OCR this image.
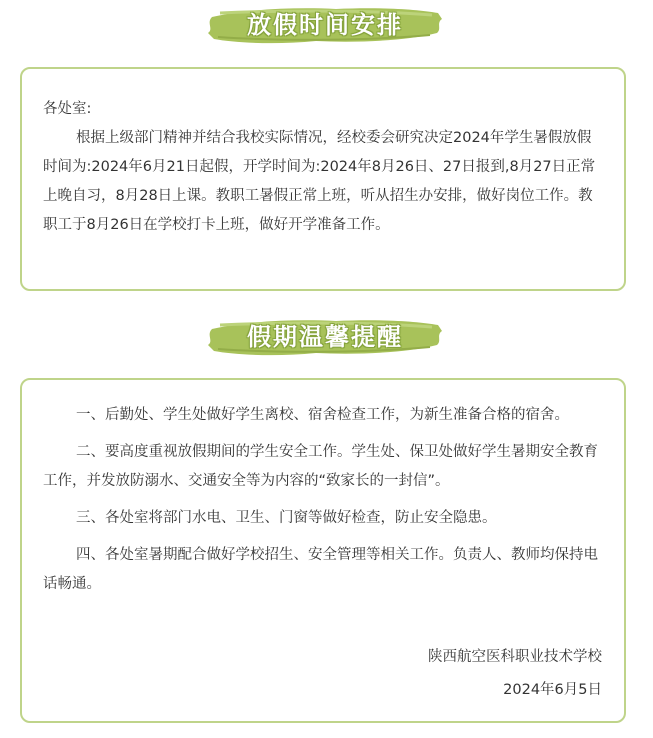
放假时间安排

各处室:

根据上级部门精神并结合我校实际情况，经校委会研究决定2024年学生暑假放假时间为:2024年6月21日起假，开学时间为:2024年8月26日、27日报到,8月27日正常上晚自习，8月28日上课。教职工暑假正常上班，听从招生办安排，做好岗位工作。教职工于8月26日在学校打卡上班，做好开学准备工作。

假期温馨提醒

一、后勤处、学生处做好学生离校、宿舍检查工作，为新生准备合格的宿舍。

二、要高度重视放假期间的学生安全工作。学生处、保卫处做好学生暑期安全教育工作，并发放防溺水、交通安全等为内容的“致家长的一封信”。

三、各处室将部门水电、卫生、门窗等做好检查，防止安全隐患。

四、各处室暑期配合做好学校招生、安全管理等相关工作。负责人、教师均保持电话畅通。

陕西航空医科职业技术学校

2024年6月5日
